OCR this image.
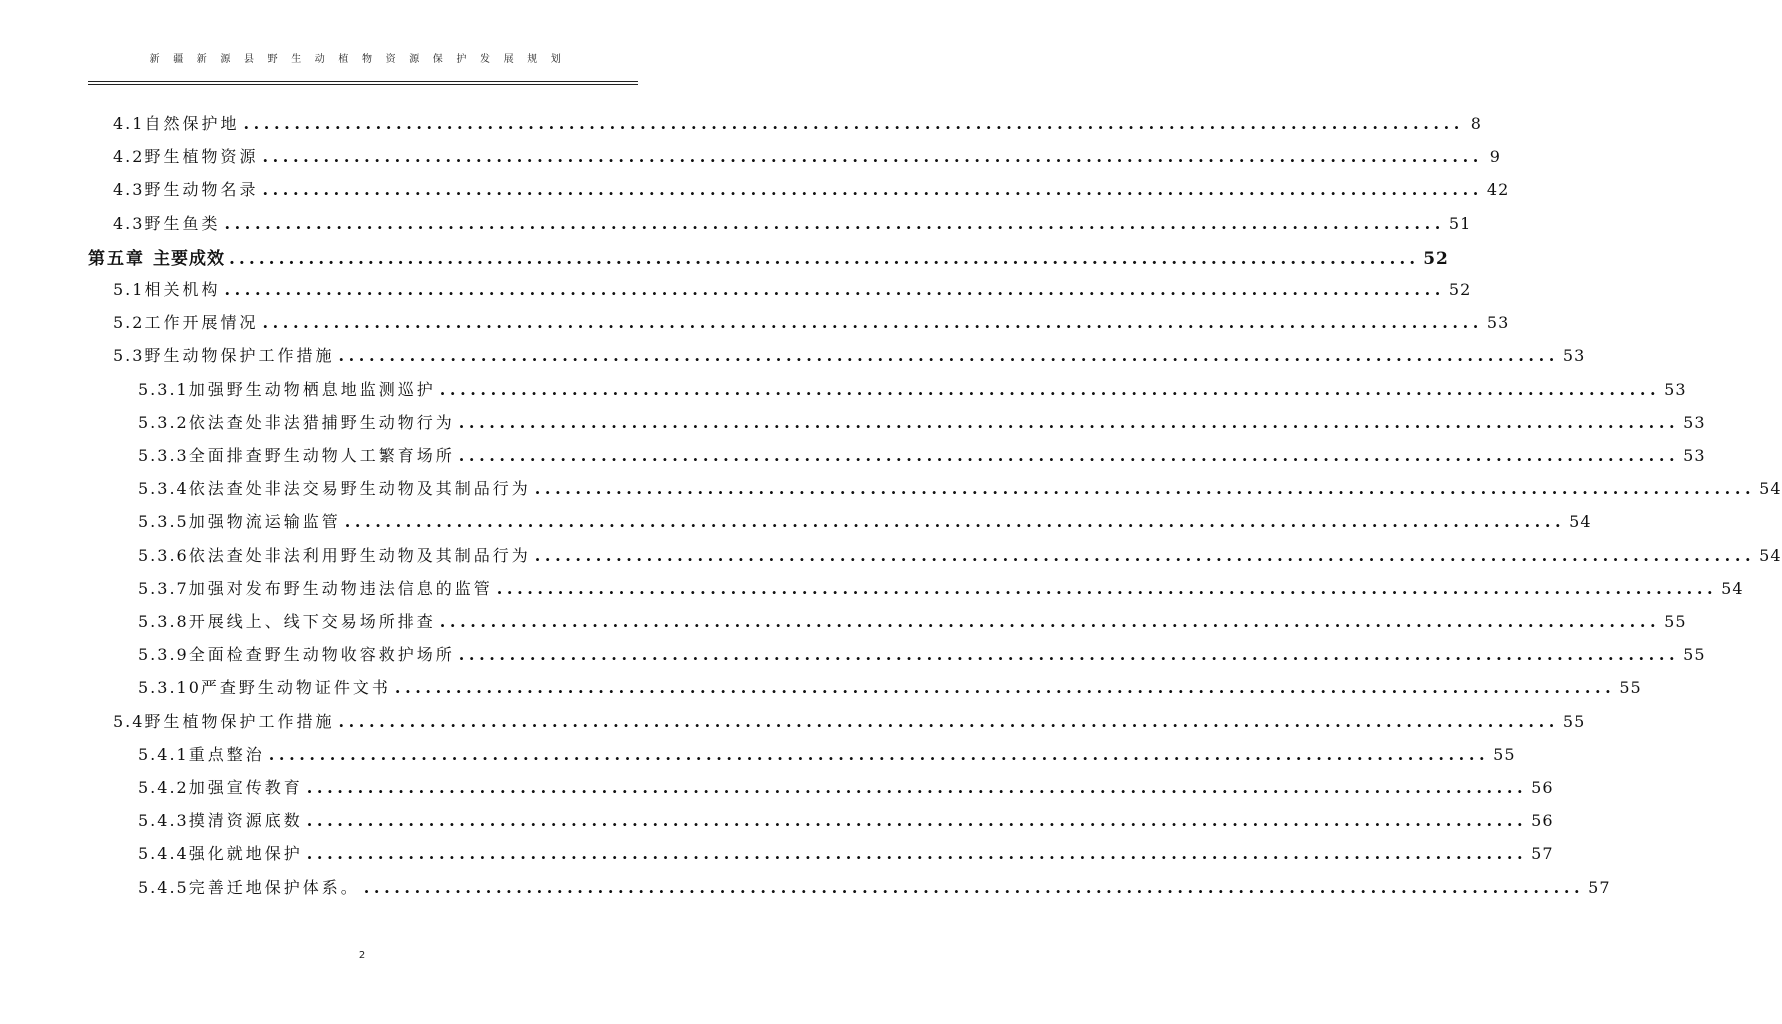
新疆新源县野生动植物资源保护发展规划
4.1 自然保护地 ........................................................................................................................ 8
4.2 野生植物资源 ........................................................................................................................ 9
4.3 野生动物名录 ........................................................................................................................ 42
4.3 野生鱼类 ........................................................................................................................ 51
第五章 主要成效 ........................................................................................................................ 52
5.1 相关机构 ........................................................................................................................ 52
5.2 工作开展情况 ........................................................................................................................ 53
5.3 野生动物保护工作措施 ........................................................................................................................ 53
5.3.1 加强野生动物栖息地监测巡护 ........................................................................................................................ 53
5.3.2 依法查处非法猎捕野生动物行为 ........................................................................................................................ 53
5.3.3 全面排查野生动物人工繁育场所 ........................................................................................................................ 53
5.3.4 依法查处非法交易野生动物及其制品行为 ........................................................................................................................ 54
5.3.5 加强物流运输监管 ........................................................................................................................ 54
5.3.6 依法查处非法利用野生动物及其制品行为 ........................................................................................................................ 54
5.3.7 加强对发布野生动物违法信息的监管 ........................................................................................................................ 54
5.3.8 开展线上、线下交易场所排查 ........................................................................................................................ 55
5.3.9 全面检查野生动物收容救护场所 ........................................................................................................................ 55
5.3.10 严查野生动物证件文书 ........................................................................................................................ 55
5.4 野生植物保护工作措施 ........................................................................................................................ 55
5.4.1 重点整治 ........................................................................................................................ 55
5.4.2 加强宣传教育 ........................................................................................................................ 56
5.4.3 摸清资源底数 ........................................................................................................................ 56
5.4.4 强化就地保护 ........................................................................................................................ 57
5.4.5 完善迁地保护体系。 ........................................................................................................................ 57
2
